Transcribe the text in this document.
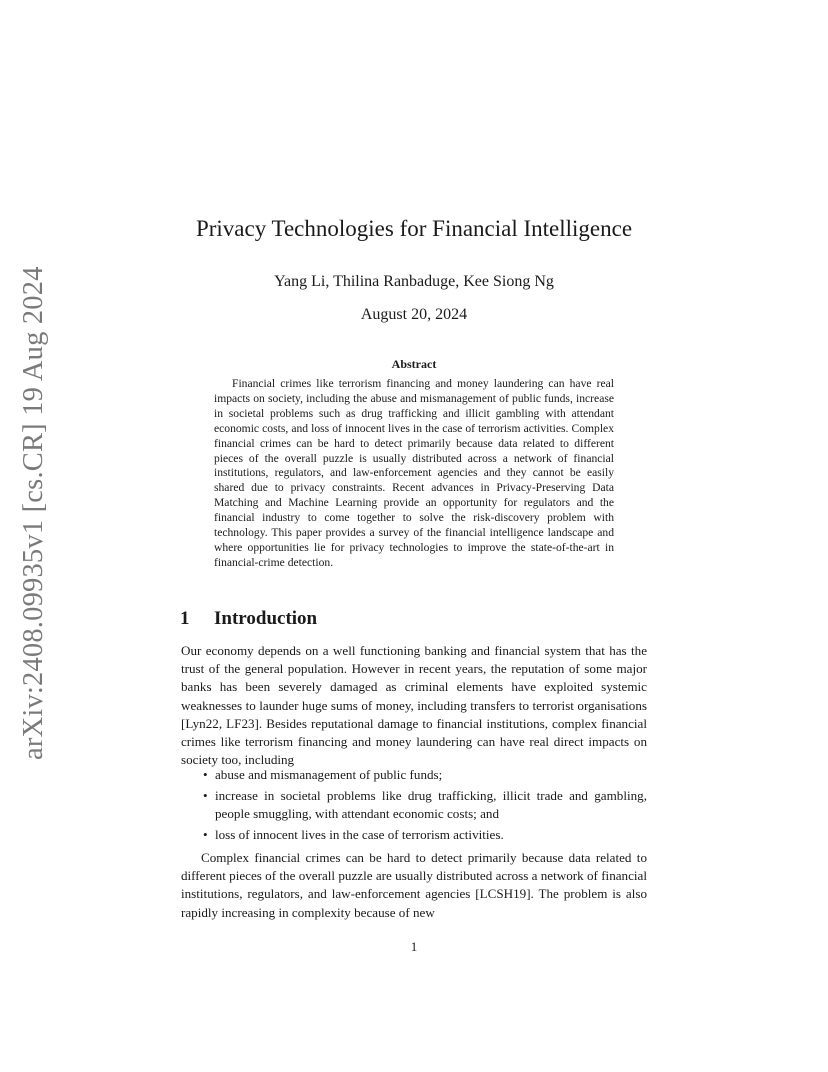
arXiv:2408.09935v1 [cs.CR] 19 Aug 2024
Privacy Technologies for Financial Intelligence
Yang Li, Thilina Ranbaduge, Kee Siong Ng
August 20, 2024
Abstract
Financial crimes like terrorism financing and money laundering can have real impacts on society, including the abuse and mismanagement of public funds, increase in societal problems such as drug trafficking and illicit gambling with attendant economic costs, and loss of innocent lives in the case of terrorism activities. Complex financial crimes can be hard to detect primarily because data related to different pieces of the overall puzzle is usually distributed across a network of financial institutions, regulators, and law-enforcement agencies and they cannot be easily shared due to privacy constraints. Recent advances in Privacy-Preserving Data Matching and Machine Learning provide an opportunity for regulators and the financial industry to come together to solve the risk-discovery problem with technology. This paper provides a survey of the financial intelligence landscape and where opportunities lie for privacy technologies to improve the state-of-the-art in financial-crime detection.
1 Introduction
Our economy depends on a well functioning banking and financial system that has the trust of the general population. However in recent years, the reputation of some major banks has been severely damaged as criminal elements have exploited systemic weaknesses to launder huge sums of money, including transfers to terrorist organisations [Lyn22, LF23]. Besides reputational damage to financial institutions, complex financial crimes like terrorism financing and money laundering can have real direct impacts on society too, including
• abuse and mismanagement of public funds;
• increase in societal problems like drug trafficking, illicit trade and gambling, people smuggling, with attendant economic costs; and
• loss of innocent lives in the case of terrorism activities.
Complex financial crimes can be hard to detect primarily because data related to different pieces of the overall puzzle are usually distributed across a network of financial institutions, regulators, and law-enforcement agencies [LCSH19]. The problem is also rapidly increasing in complexity because of new
1
